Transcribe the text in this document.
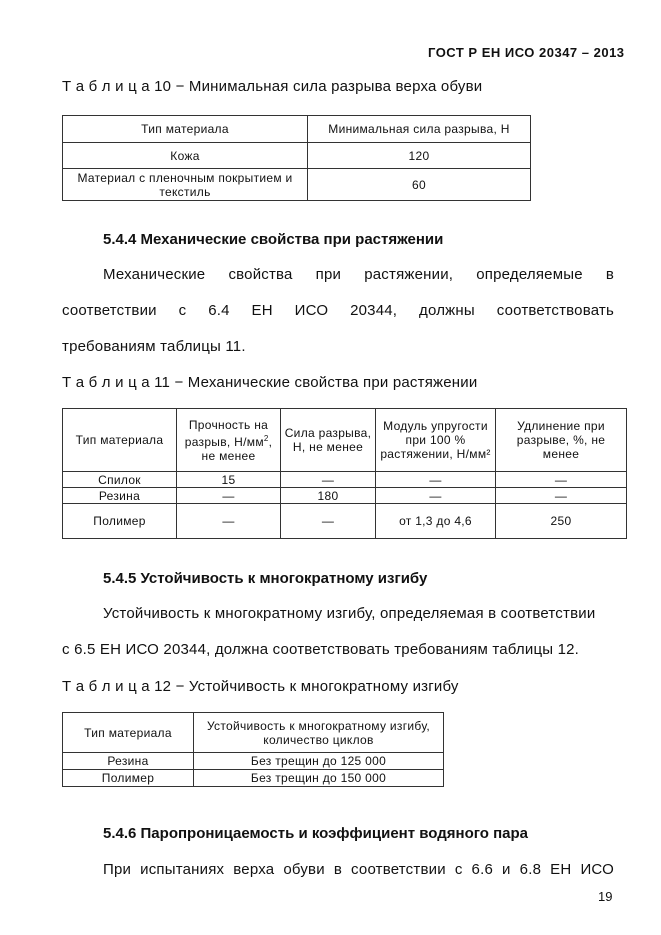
ГОСТ Р ЕН ИСО 20347 – 2013
Т а б л и ц а 10 − Минимальная сила разрыва верха обуви
Тип материала	Минимальная сила разрыва, Н
Кожа	120
Материал с пленочным покрытием и текстиль	60
5.4.4 Механические свойства при растяжении
Механические свойства при растяжении, определяемые в
соответствии с 6.4 ЕН ИСО 20344, должны соответствовать
требованиям таблицы 11.
Т а б л и ц а 11 − Механические свойства при растяжении
Тип материала	Прочность на разрыв, $Н/мм^2$, не менее	Сила разрыва, Н, не менее	Модуль упругости при 100 % растяжении, Н/мм²	Удлинение при разрыве, %, не менее
Спилок	15	—	—	—
Резина	—	180	—	—
Полимер	—	—	от 1,3 до 4,6	250
5.4.5 Устойчивость к многократному изгибу
Устойчивость к многократному изгибу, определяемая в соответствии
с 6.5 ЕН ИСО 20344, должна соответствовать требованиям таблицы 12.
Т а б л и ц а 12 − Устойчивость к многократному изгибу
Тип материала	Устойчивость к многократному изгибу, количество циклов
Резина	Без трещин до 125 000
Полимер	Без трещин до 150 000
5.4.6 Паропроницаемость и коэффициент водяного пара
При испытаниях верха обуви в соответствии с 6.6 и 6.8 ЕН ИСО
19
